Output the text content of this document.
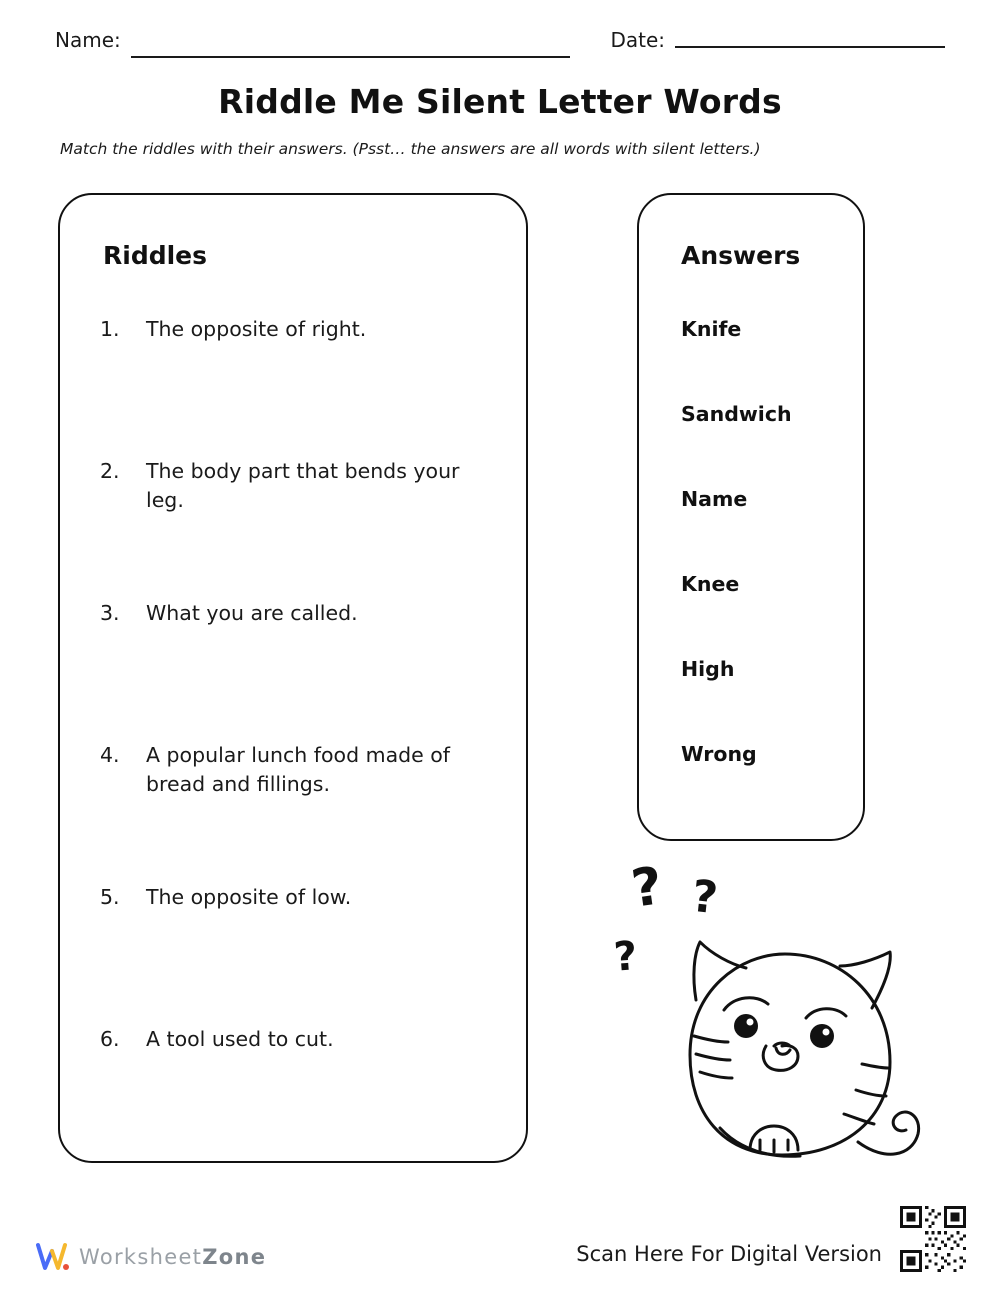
Name:	Date:
Riddle Me Silent Letter Words
Match the riddles with their answers. (Psst… the answers are all words with silent letters.)
Riddles
1.	The opposite of right.
2.	The body part that bends your leg.
3.	What you are called.
4.	A popular lunch food made of bread and fillings.
5.	The opposite of low.
6.	A tool used to cut.
Answers
Knife
Sandwich
Name
Knee
High
Wrong
? ?
?
WorksheetZone	Scan Here For Digital Version
